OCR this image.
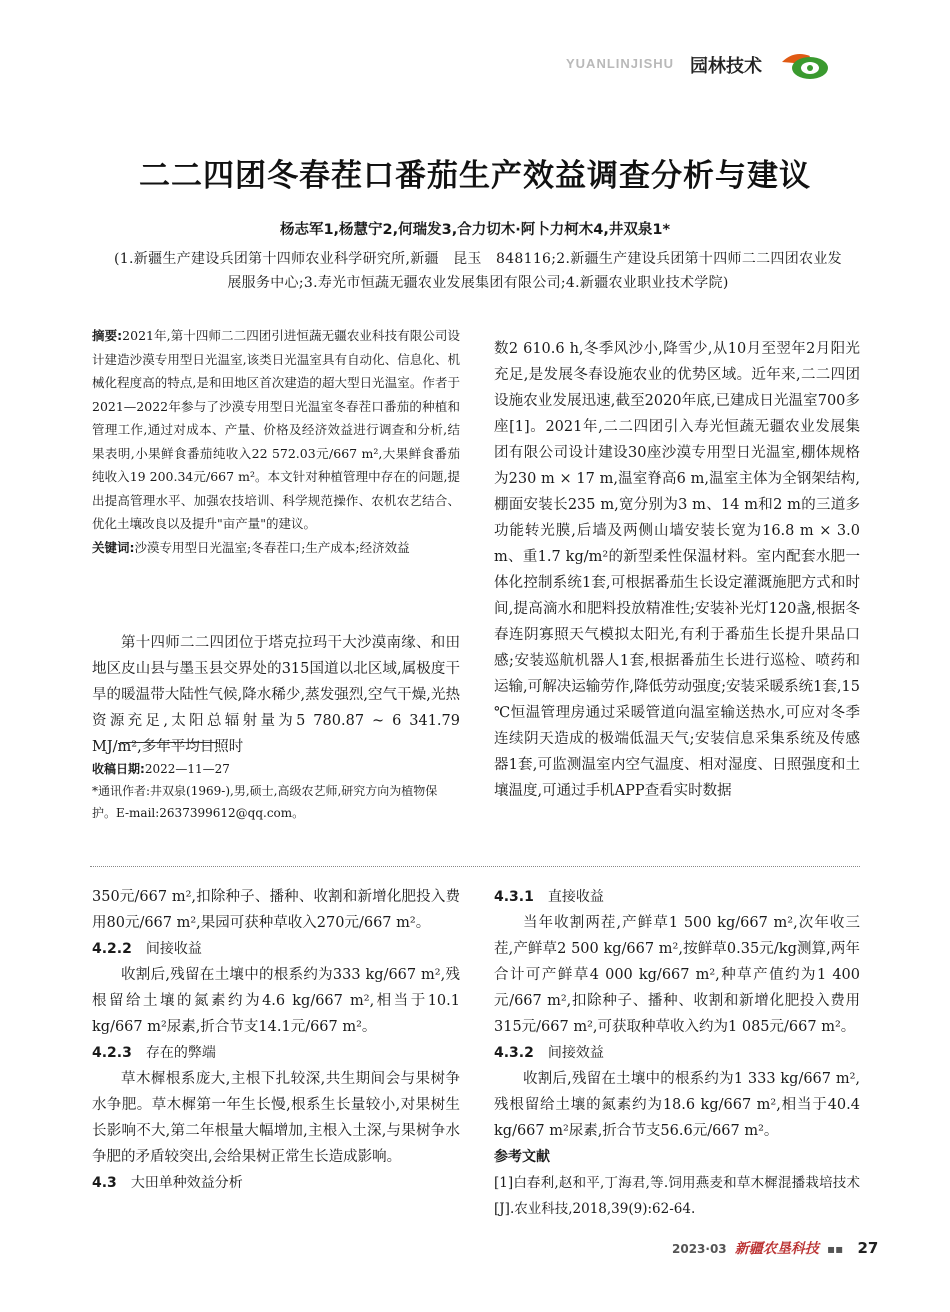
YUANLINJISHU 园林技术
二二四团冬春茬口番茄生产效益调查分析与建议
杨志军1,杨慧宁2,何瑞发3,合力切木·阿卜力柯木4,井双泉1*
(1.新疆生产建设兵团第十四师农业科学研究所,新疆　昆玉　848116;2.新疆生产建设兵团第十四师二二四团农业发展服务中心;3.寿光市恒蔬无疆农业发展集团有限公司;4.新疆农业职业技术学院)
摘要:2021年,第十四师二二四团引进恒蔬无疆农业科技有限公司设计建造沙漠专用型日光温室,该类日光温室具有自动化、信息化、机械化程度高的特点,是和田地区首次建造的超大型日光温室。作者于2021—2022年参与了沙漠专用型日光温室冬春茬口番茄的种植和管理工作,通过对成本、产量、价格及经济效益进行调查和分析,结果表明,小果鲜食番茄纯收入22 572.03元/667 m²,大果鲜食番茄纯收入19 200.34元/667 m²。本文针对种植管理中存在的问题,提出提高管理水平、加强农技培训、科学规范操作、农机农艺结合、优化土壤改良以及提升"亩产量"的建议。
关键词:沙漠专用型日光温室;冬春茬口;生产成本;经济效益
第十四师二二四团位于塔克拉玛干大沙漠南缘、和田地区皮山县与墨玉县交界处的315国道以北区域,属极度干旱的暖温带大陆性气候,降水稀少,蒸发强烈,空气干燥,光热资源充足,太阳总辐射量为5 780.87 ~ 6 341.79 MJ/m²,多年平均日照时
收稿日期:2022—11—27
*通讯作者:井双泉(1969-),男,硕士,高级农艺师,研究方向为植物保护。E-mail:2637399612@qq.com。
数2 610.6 h,冬季风沙小,降雪少,从10月至翌年2月阳光充足,是发展冬春设施农业的优势区域。近年来,二二四团设施农业发展迅速,截至2020年底,已建成日光温室700多座[1]。2021年,二二四团引入寿光恒蔬无疆农业发展集团有限公司设计建设30座沙漠专用型日光温室,棚体规格为230 m × 17 m,温室脊高6 m,温室主体为全钢架结构,棚面安装长235 m,宽分别为3 m、14 m和2 m的三道多功能转光膜,后墙及两侧山墙安装长宽为16.8 m × 3.0 m、重1.7 kg/m²的新型柔性保温材料。室内配套水肥一体化控制系统1套,可根据番茄生长设定灌溉施肥方式和时间,提高滴水和肥料投放精准性;安装补光灯120盏,根据冬春连阴寡照天气模拟太阳光,有利于番茄生长提升果品口感;安装巡航机器人1套,根据番茄生长进行巡检、喷药和运输,可解决运输劳作,降低劳动强度;安装采暖系统1套,15 ℃恒温管理房通过采暖管道向温室输送热水,可应对冬季连续阴天造成的极端低温天气;安装信息采集系统及传感器1套,可监测温室内空气温度、相对湿度、日照强度和土壤温度,可通过手机APP查看实时数据
350元/667 m²,扣除种子、播种、收割和新增化肥投入费用80元/667 m²,果园可获种草收入270元/667 m²。
4.2.2 间接收益
收割后,残留在土壤中的根系约为333 kg/667 m²,残根留给土壤的氮素约为4.6 kg/667 m²,相当于10.1 kg/667 m²尿素,折合节支14.1元/667 m²。
4.2.3 存在的弊端
草木樨根系庞大,主根下扎较深,共生期间会与果树争水争肥。草木樨第一年生长慢,根系生长量较小,对果树生长影响不大,第二年根量大幅增加,主根入土深,与果树争水争肥的矛盾较突出,会给果树正常生长造成影响。
4.3 大田单种效益分析
4.3.1 直接收益
当年收割两茬,产鲜草1 500 kg/667 m²,次年收三茬,产鲜草2 500 kg/667 m²,按鲜草0.35元/kg测算,两年合计可产鲜草4 000 kg/667 m²,种草产值约为1 400元/667 m²,扣除种子、播种、收割和新增化肥投入费用315元/667 m²,可获取种草收入约为1 085元/667 m²。
4.3.2 间接效益
收割后,残留在土壤中的根系约为1 333 kg/667 m²,残根留给土壤的氮素约为18.6 kg/667 m²,相当于40.4 kg/667 m²尿素,折合节支56.6元/667 m²。
参考文献
[1]白春利,赵和平,丁海君,等.饲用燕麦和草木樨混播栽培技术[J].农业科技,2018,39(9):62-64.
2023·03 新疆农垦科技 ▪▪ 27
